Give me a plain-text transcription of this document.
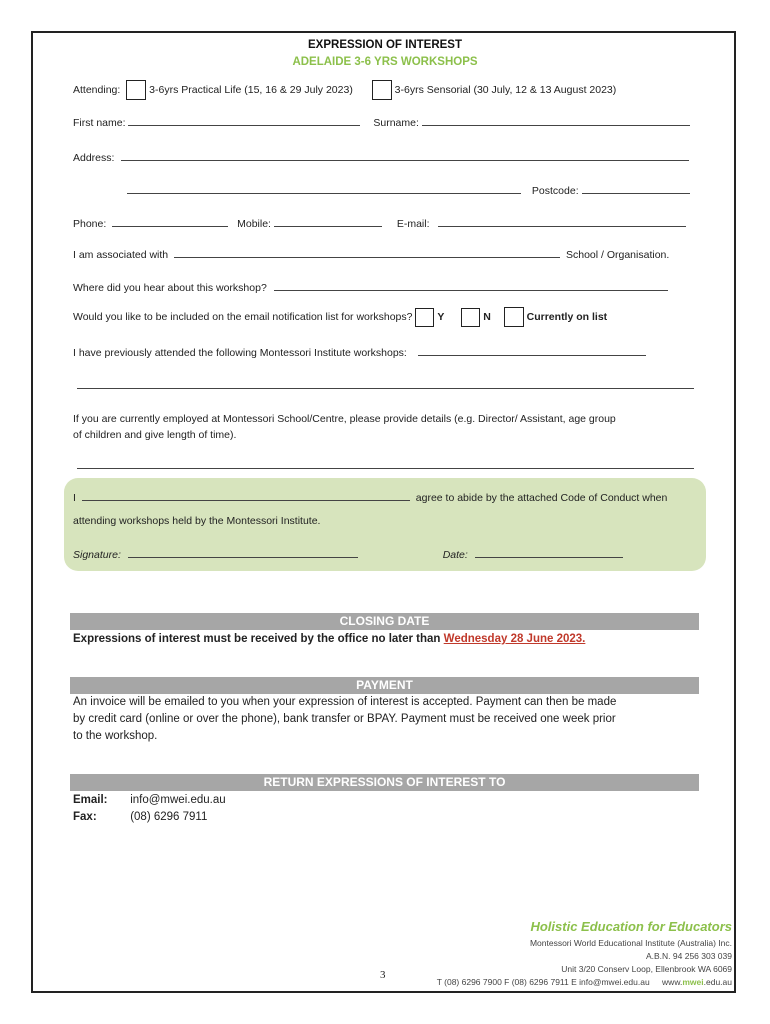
EXPRESSION OF INTEREST
ADELAIDE 3-6 YRS WORKSHOPS
Attending:	3-6yrs Practical Life (15, 16 & 29 July 2023)	3-6yrs Sensorial (30 July, 12 & 13 August 2023)
First name:	Surname:
Address:
Postcode:
Phone:	Mobile:	E-mail:
I am associated with	School / Organisation.
Where did you hear about this workshop?
Would you like to be included on the email notification list for workshops? Y	N	Currently on list
I have previously attended the following Montessori Institute workshops:
If you are currently employed at Montessori School/Centre, please provide details (e.g. Director/ Assistant, age group
of children and give length of time).
I	agree to abide by the attached Code of Conduct when
attending workshops held by the Montessori Institute.
Signature:	Date:
CLOSING DATE
Expressions of interest must be received by the office no later than Wednesday 28 June 2023.
PAYMENT
An invoice will be emailed to you when your expression of interest is accepted. Payment can then be made
by credit card (online or over the phone), bank transfer or BPAY. Payment must be received one week prior
to the workshop.
RETURN EXPRESSIONS OF INTEREST TO
Email: info@mwei.edu.au
Fax:	(08) 6296 7911
Holistic Education for Educators
Montessori World Educational Institute (Australia) Inc.
A.B.N. 94 256 303 039
Unit 3/20 Conserv Loop, Ellenbrook WA 6069
T (08) 6296 7900 F (08) 6296 7911 E info@mwei.edu.au www.mwei.edu.au
3
